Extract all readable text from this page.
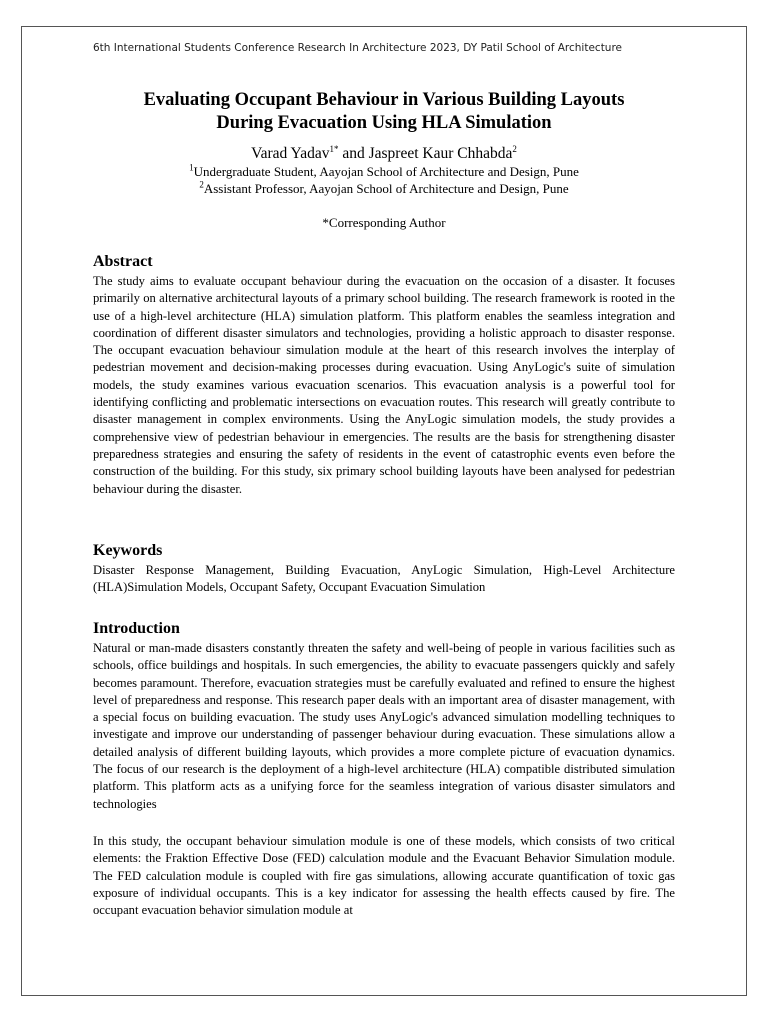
6th International Students Conference Research In Architecture 2023, DY Patil School of Architecture
Evaluating Occupant Behaviour in Various Building Layouts
During Evacuation Using HLA Simulation
Varad Yadav$^{1*}$ and Jaspreet Kaur Chhabda$^2$
$^1$Undergraduate Student, Aayojan School of Architecture and Design, Pune
$^2$Assistant Professor, Aayojan School of Architecture and Design, Pune
*Corresponding Author
Abstract

The study aims to evaluate occupant behaviour during the evacuation on the occasion of a disaster. It focuses primarily on alternative architectural layouts of a primary school building. The research framework is rooted in the use of a high-level architecture (HLA) simulation platform. This platform enables the seamless integration and coordination of different disaster simulators and technologies, providing a holistic approach to disaster response. The occupant evacuation behaviour simulation module at the heart of this research involves the interplay of pedestrian movement and decision-making processes during evacuation. Using AnyLogic's suite of simulation models, the study examines various evacuation scenarios. This evacuation analysis is a powerful tool for identifying conflicting and problematic intersections on evacuation routes. This research will greatly contribute to disaster management in complex environments. Using the AnyLogic simulation models, the study provides a comprehensive view of pedestrian behaviour in emergencies. The results are the basis for strengthening disaster preparedness strategies and ensuring the safety of residents in the event of catastrophic events even before the construction of the building. For this study, six primary school building layouts have been analysed for pedestrian behaviour during the disaster.

Keywords

Disaster Response Management, Building Evacuation, AnyLogic Simulation, High-Level Architecture (HLA)Simulation Models, Occupant Safety, Occupant Evacuation Simulation

Introduction

Natural or man-made disasters constantly threaten the safety and well-being of people in various facilities such as schools, office buildings and hospitals. In such emergencies, the ability to evacuate passengers quickly and safely becomes paramount. Therefore, evacuation strategies must be carefully evaluated and refined to ensure the highest level of preparedness and response. This research paper deals with an important area of disaster management, with a special focus on building evacuation. The study uses AnyLogic's advanced simulation modelling techniques to investigate and improve our understanding of passenger behaviour during evacuation. These simulations allow a detailed analysis of different building layouts, which provides a more complete picture of evacuation dynamics. The focus of our research is the deployment of a high-level architecture (HLA) compatible distributed simulation platform. This platform acts as a unifying force for the seamless integration of various disaster simulators and technologies

In this study, the occupant behaviour simulation module is one of these models, which consists of two critical elements: the Fraktion Effective Dose (FED) calculation module and the Evacuant Behavior Simulation module. The FED calculation module is coupled with fire gas simulations, allowing accurate quantification of toxic gas exposure of individual occupants. This is a key indicator for assessing the health effects caused by fire. The occupant evacuation behavior simulation module at
